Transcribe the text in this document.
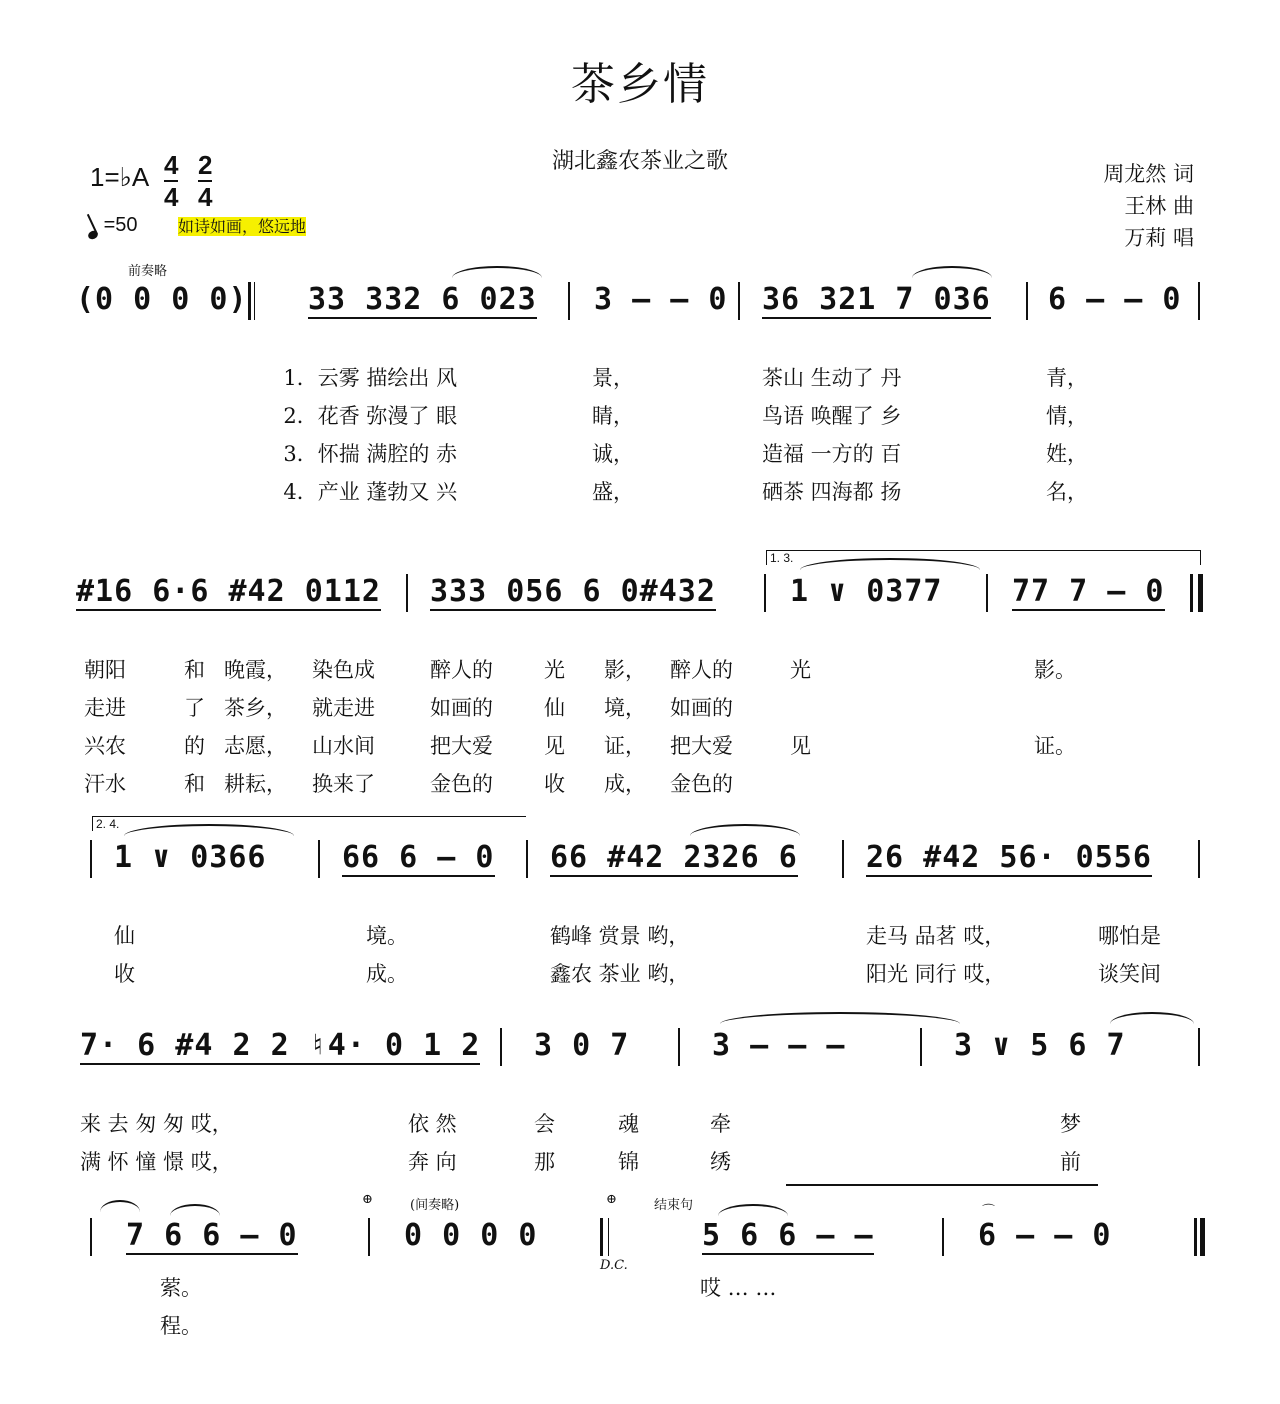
茶乡情
湖北鑫农茶业之歌	周龙然 词
王林 曲
万莉 唱
1=♭A $\frac{4}{4} \frac{2}{4}$
=50	如诗如画，悠远地
前奏略
(0 0 0 0) 33 332 6 023 3 – – 0 36 321 7 036 6 – – 0

1．云雾 描绘出 风	景，	茶山 生动了 丹	青，

2．花香 弥漫了 眼	睛，	鸟语 唤醒了 乡	情，

3．怀揣 满腔的 赤	诚，	造福 一方的 百	姓，

4．产业 蓬勃又 兴	盛，	硒茶 四海都 扬	名，

#16 6·6 #42 0112 333 056 6 0#432
1. 3.
1 ∨ 0377 77 7 – 0

朝阳	和 晚霞， 染色成	醉人的 光 影， 醉人的	光	影。

走进	了 茶乡， 就走进	如画的 仙 境， 如画的

兴农	的 志愿， 山水间	把大爱 见 证， 把大爱	见	证。

汗水	和 耕耘， 换来了	金色的 收 成， 金色的

2. 4.
1 ∨ 0366	66 6 – 0 66 #42 2326 6 26 #42 56· 0556

仙	境。	鹤峰 赏景 哟，	走马 品茗 哎，	哪怕是

收	成。	鑫农 茶业 哟，	阳光 同行 哎，	谈笑间

7· 6 #4 2 2 ♮4· 0 1 2 3 0 7	3 – – –	3 ∨ 5 6 7

来 去 匆 匆 哎，	依 然	会	魂	牵	梦

满 怀 憧 憬 哎，	奔 向	那	锦	绣	前

7 6 6 – 0
⊕	(间奏略)
0 0 0 0
D.C.
⊕	结束句
5 6 6 – –	6 – – 0
⌒
萦。	哎 … …
程。
